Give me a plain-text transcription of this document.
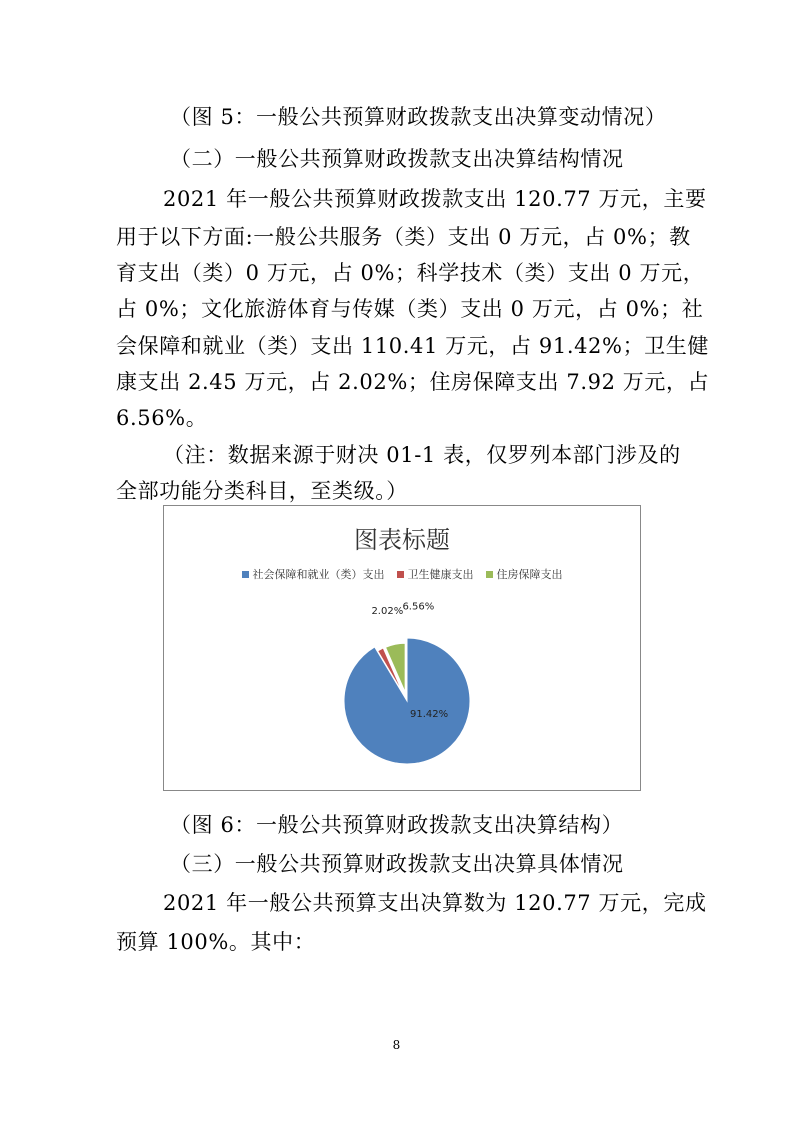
（图 5：一般公共预算财政拨款支出决算变动情况）
（二）一般公共预算财政拨款支出决算结构情况
2021 年一般公共预算财政拨款支出 120.77 万元，主要
用于以下方面:一般公共服务（类）支出 0 万元，占 0%；教
育支出（类）0 万元，占 0%；科学技术（类）支出 0 万元，
占 0%；文化旅游体育与传媒（类）支出 0 万元，占 0%；社
会保障和就业（类）支出 110.41 万元，占 91.42%；卫生健
康支出 2.45 万元，占 2.02%；住房保障支出 7.92 万元，占
6.56%。
（注：数据来源于财决 01-1 表，仅罗列本部门涉及的
全部功能分类科目，至类级。）
图表标题
社会保障和就业（类）支出 卫生健康支出 住房保障支出
91.42%
2.02% 6.56%
（图 6：一般公共预算财政拨款支出决算结构）
（三）一般公共预算财政拨款支出决算具体情况
2021 年一般公共预算支出决算数为 120.77 万元，完成
预算 100%。其中：
8
